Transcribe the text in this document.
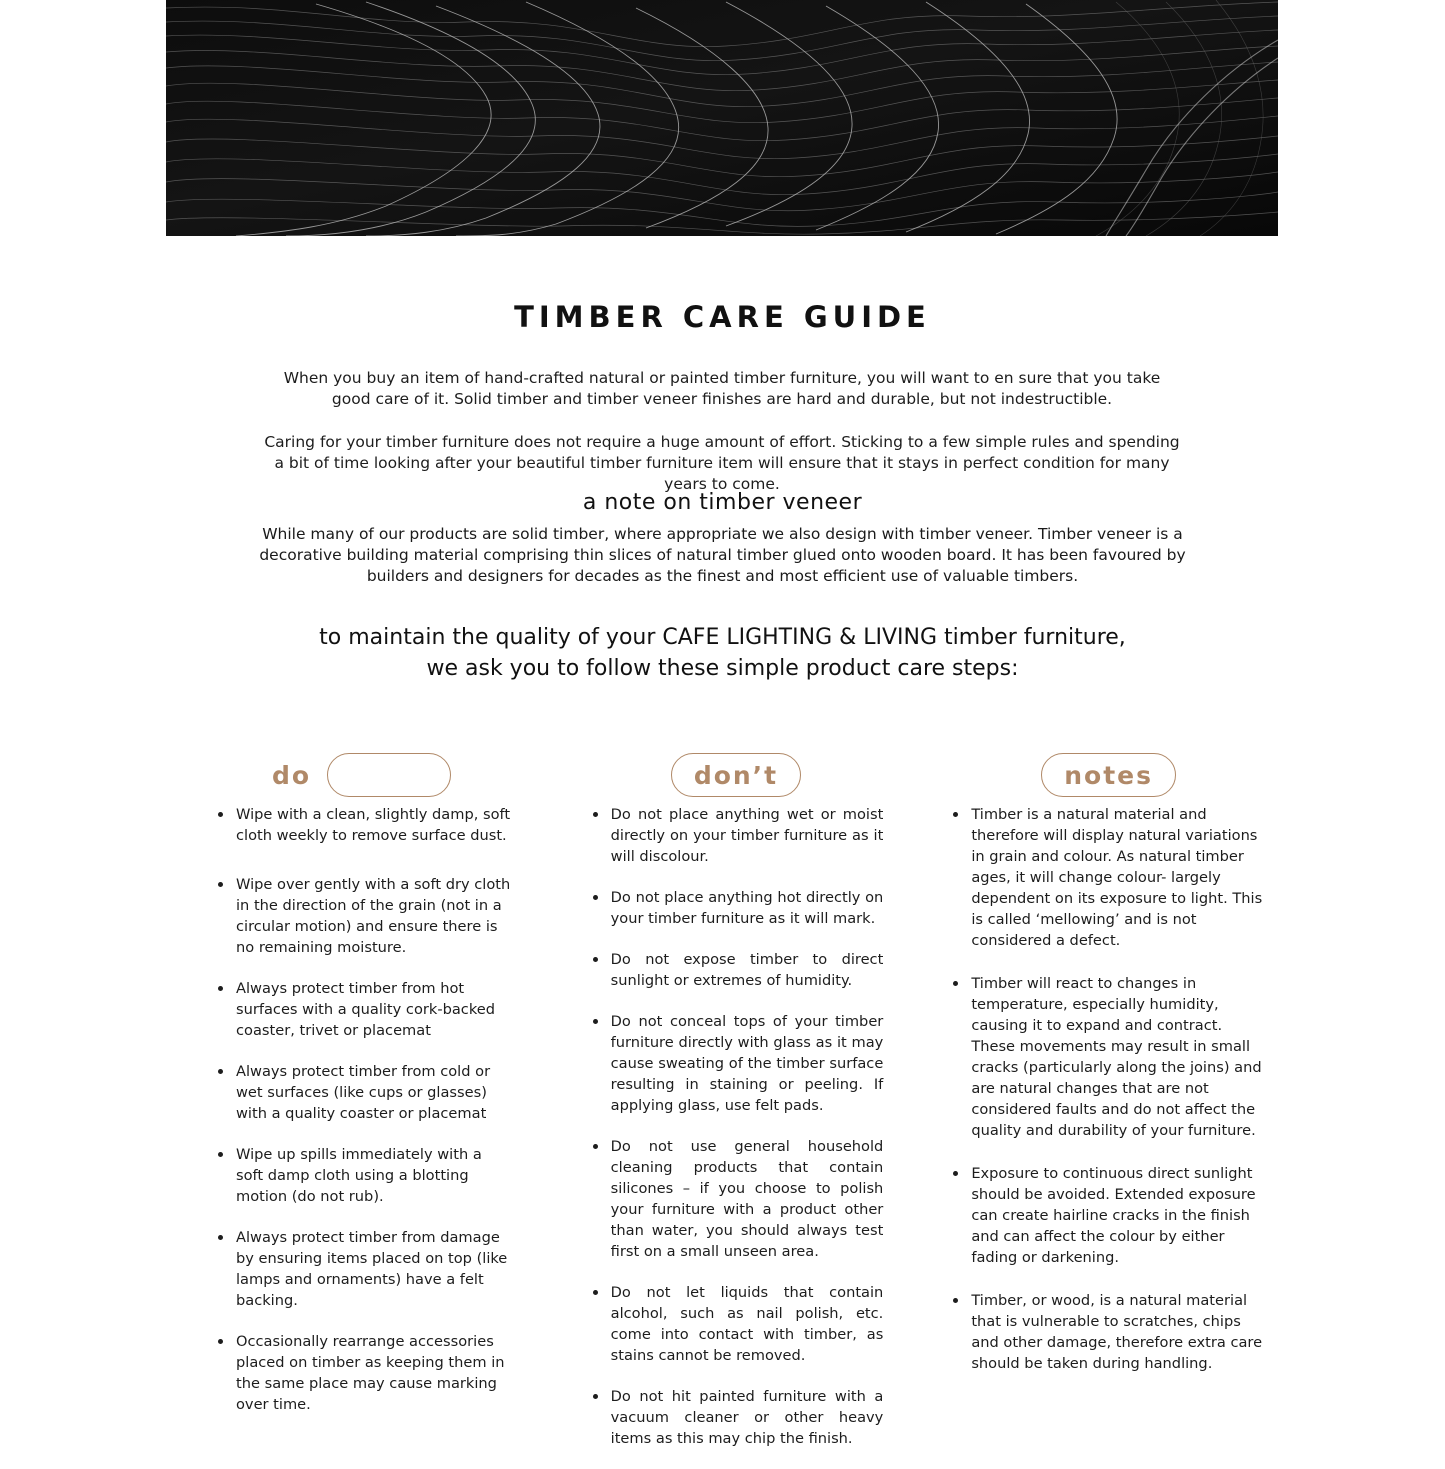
TIMBER CARE GUIDE

When you buy an item of hand-crafted natural or painted timber furniture, you will want to en sure that you take good care of it. Solid timber and timber veneer finishes are hard and durable, but not indestructible.

Caring for your timber furniture does not require a huge amount of effort. Sticking to a few simple rules and spending a bit of time looking after your beautiful timber furniture item will ensure that it stays in perfect condition for many years to come.

a note on timber veneer
While many of our products are solid timber, where appropriate we also design with timber veneer. Timber veneer is a decorative building material comprising thin slices of natural timber glued onto wooden board. It has been favoured by builders and designers for decades as the finest and most efficient use of valuable timbers.
to maintain the quality of your CAFE LIGHTING & LIVING timber furniture,
we ask you to follow these simple product care steps:
do
Wipe with a clean, slightly damp, soft cloth weekly to remove surface dust.
Wipe over gently with a soft dry cloth in the direction of the grain (not in a circular motion) and ensure there is no remaining moisture.
Always protect timber from hot surfaces with a quality cork-backed coaster, trivet or placemat
Always protect timber from cold or wet surfaces (like cups or glasses) with a quality coaster or placemat
Wipe up spills immediately with a soft damp cloth using a blotting motion (do not rub).
Always protect timber from damage by ensuring items placed on top (like lamps and ornaments) have a felt backing.
Occasionally rearrange accessories placed on timber as keeping them in the same place may cause marking over time.
don’t
Do not place anything wet or moist directly on your timber furniture as it will discolour.
Do not place anything hot directly on your timber furniture as it will mark.
Do not expose timber to direct sunlight or extremes of humidity.
Do not conceal tops of your timber furniture directly with glass as it may cause sweating of the timber surface resulting in staining or peeling. If applying glass, use felt pads.
Do not use general household cleaning products that contain silicones – if you choose to polish your furniture with a product other than water, you should always test first on a small unseen area.
Do not let liquids that contain alcohol, such as nail polish, etc. come into contact with timber, as stains cannot be removed.
Do not hit painted furniture with a vacuum cleaner or other heavy items as this may chip the finish.
notes
Timber is a natural material and therefore will display natural variations in grain and colour. As natural timber ages, it will change colour- largely dependent on its exposure to light. This is called ‘mellowing’ and is not considered a defect.
Timber will react to changes in temperature, especially humidity, causing it to expand and contract. These movements may result in small cracks (particularly along the joins) and are natural changes that are not considered faults and do not affect the quality and durability of your furniture.
Exposure to continuous direct sunlight should be avoided. Extended exposure can create hairline cracks in the finish and can affect the colour by either fading or darkening.
Timber, or wood, is a natural material that is vulnerable to scratches, chips and other damage, therefore extra care should be taken during handling.
